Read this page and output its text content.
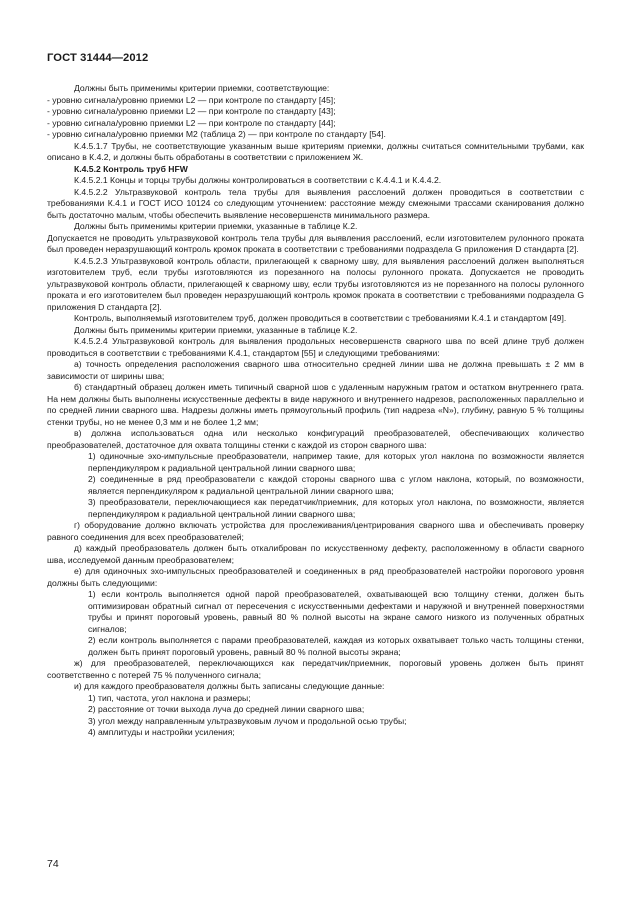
ГОСТ 31444—2012

Должны быть применимы критерии приемки, соответствующие:

- уровню сигнала/уровню приемки L2 — при контроле по стандарту [45];

- уровню сигнала/уровню приемки L2 — при контроле по стандарту [43];

- уровню сигнала/уровню приемки L2 — при контроле по стандарту [44];

- уровню сигнала/уровню приемки M2 (таблица 2) — при контроле по стандарту [54].

К.4.5.1.7 Трубы, не соответствующие указанным выше критериям приемки, должны считаться сомнительными трубами, как описано в К.4.2, и должны быть обработаны в соответствии с приложением Ж.

К.4.5.2 Контроль труб HFW

К.4.5.2.1 Концы и торцы трубы должны контролироваться в соответствии с К.4.4.1 и К.4.4.2.

К.4.5.2.2 Ультразвуковой контроль тела трубы для выявления расслоений должен проводиться в соответствии с требованиями К.4.1 и ГОСТ ИСО 10124 со следующим уточнением: расстояние между смежными трассами сканирования должно быть достаточно малым, чтобы обеспечить выявление несовершенств минимального размера.

Должны быть применимы критерии приемки, указанные в таблице К.2.

Допускается не проводить ультразвуковой контроль тела трубы для выявления расслоений, если изготовителем рулонного проката был проведен неразрушающий контроль кромок проката в соответствии с требованиями подраздела G приложения D стандарта [2].

К.4.5.2.3 Ультразвуковой контроль области, прилегающей к сварному шву, для выявления расслоений должен выполняться изготовителем труб, если трубы изготовляются из порезанного на полосы рулонного проката. Допускается не проводить ультразвуковой контроль области, прилегающей к сварному шву, если трубы изготовляются из не порезанного на полосы рулонного проката и его изготовителем был проведен неразрушающий контроль кромок проката в соответствии с требованиями подраздела G приложения D стандарта [2].

Контроль, выполняемый изготовителем труб, должен проводиться в соответствии с требованиями К.4.1 и стандартом [49].

Должны быть применимы критерии приемки, указанные в таблице К.2.

К.4.5.2.4 Ультразвуковой контроль для выявления продольных несовершенств сварного шва по всей длине труб должен проводиться в соответствии с требованиями К.4.1, стандартом [55] и следующими требованиями:

а) точность определения расположения сварного шва относительно средней линии шва не должна превышать ± 2 мм в зависимости от ширины шва;

б) стандартный образец должен иметь типичный сварной шов с удаленным наружным гратом и остатком внутреннего грата. На нем должны быть выполнены искусственные дефекты в виде наружного и внутреннего надрезов, расположенных параллельно и по средней линии сварного шва. Надрезы должны иметь прямоугольный профиль (тип надреза «N»), глубину, равную 5 % толщины стенки трубы, но не менее 0,3 мм и не более 1,2 мм;

в) должна использоваться одна или несколько конфигураций преобразователей, обеспечивающих количество преобразователей, достаточное для охвата толщины стенки с каждой из сторон сварного шва:

1) одиночные эхо-импульсные преобразователи, например такие, для которых угол наклона по возможности является перпендикуляром к радиальной центральной линии сварного шва;

2) соединенные в ряд преобразователи с каждой стороны сварного шва с углом наклона, который, по возможности, является перпендикуляром к радиальной центральной линии сварного шва;

3) преобразователи, переключающиеся как передатчик/приемник, для которых угол наклона, по возможности, является перпендикуляром к радиальной центральной линии сварного шва;

г) оборудование должно включать устройства для прослеживания/центрирования сварного шва и обеспечивать проверку равного соединения для всех преобразователей;

д) каждый преобразователь должен быть откалиброван по искусственному дефекту, расположенному в области сварного шва, исследуемой данным преобразователем;

е) для одиночных эхо-импульсных преобразователей и соединенных в ряд преобразователей настройки порогового уровня должны быть следующими:

1) если контроль выполняется одной парой преобразователей, охватывающей всю толщину стенки, должен быть оптимизирован обратный сигнал от пересечения с искусственными дефектами и наружной и внутренней поверхностями трубы и принят пороговый уровень, равный 80 % полной высоты на экране самого низкого из полученных обратных сигналов;

2) если контроль выполняется с парами преобразователей, каждая из которых охватывает только часть толщины стенки, должен быть принят пороговый уровень, равный 80 % полной высоты экрана;

ж) для преобразователей, переключающихся как передатчик/приемник, пороговый уровень должен быть принят соответственно с потерей 75 % полученного сигнала;

и) для каждого преобразователя должны быть записаны следующие данные:

1) тип, частота, угол наклона и размеры;

2) расстояние от точки выхода луча до средней линии сварного шва;

3) угол между направленным ультразвуковым лучом и продольной осью трубы;

4) амплитуды и настройки усиления;

74
